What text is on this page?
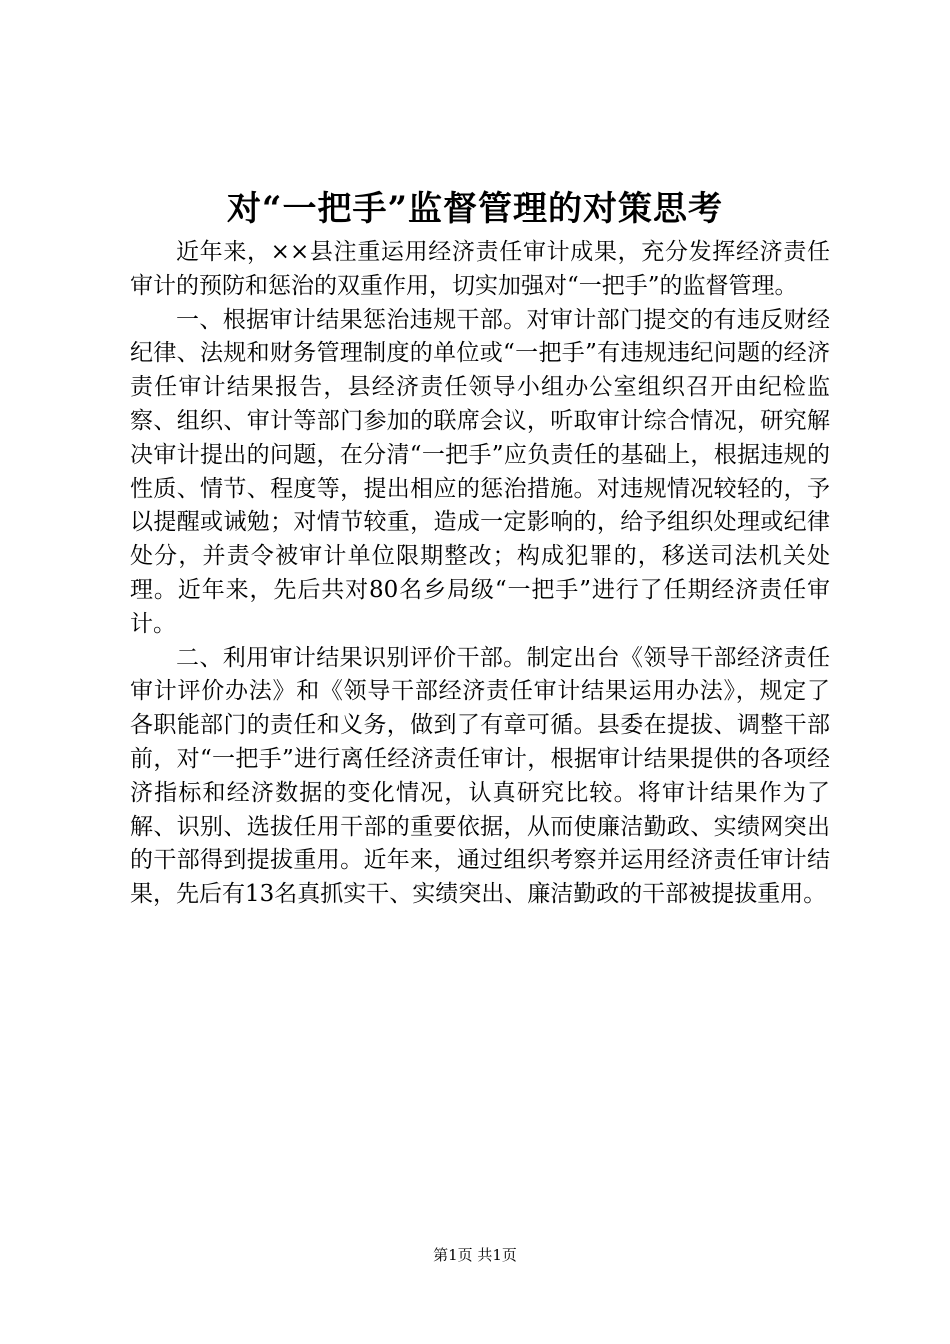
对“一把手”监督管理的对策思考

近年来，××县注重运用经济责任审计成果，充分发挥经济责任审计的预防和惩治的双重作用，切实加强对“一把手”的监督管理。

一、根据审计结果惩治违规干部。对审计部门提交的有违反财经纪律、法规和财务管理制度的单位或“一把手”有违规违纪问题的经济责任审计结果报告，县经济责任领导小组办公室组织召开由纪检监察、组织、审计等部门参加的联席会议，听取审计综合情况，研究解决审计提出的问题，在分清“一把手”应负责任的基础上，根据违规的性质、情节、程度等，提出相应的惩治措施。对违规情况较轻的，予以提醒或诫勉；对情节较重，造成一定影响的，给予组织处理或纪律处分，并责令被审计单位限期整改；构成犯罪的，移送司法机关处理。近年来，先后共对80名乡局级“一把手”进行了任期经济责任审计。

二、利用审计结果识别评价干部。制定出台《领导干部经济责任审计评价办法》和《领导干部经济责任审计结果运用办法》，规定了各职能部门的责任和义务，做到了有章可循。县委在提拔、调整干部前，对“一把手”进行离任经济责任审计，根据审计结果提供的各项经济指标和经济数据的变化情况，认真研究比较。将审计结果作为了解、识别、选拔任用干部的重要依据，从而使廉洁勤政、实绩网突出的干部得到提拔重用。近年来，通过组织考察并运用经济责任审计结果，先后有13名真抓实干、实绩突出、廉洁勤政的干部被提拔重用。

第1页 共1页
